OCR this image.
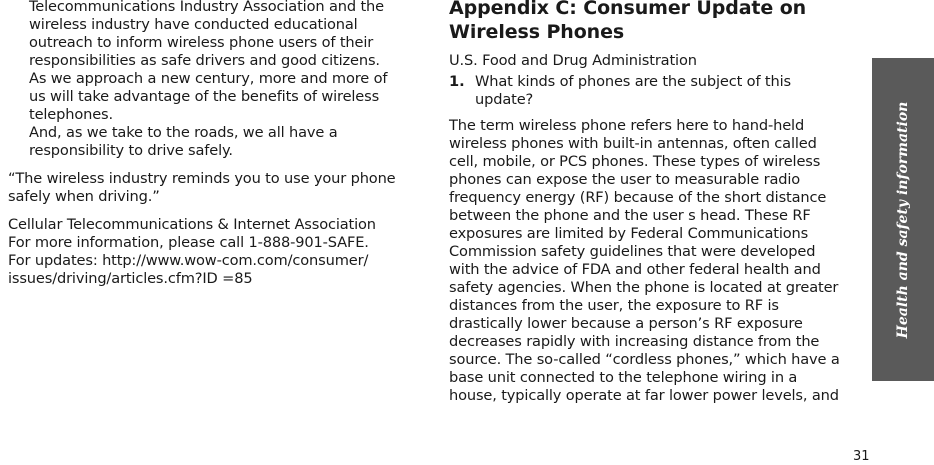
Telecommunications Industry Association and the
wireless industry have conducted educational
outreach to inform wireless phone users of their
responsibilities as safe drivers and good citizens.

As we approach a new century, more and more of
us will take advantage of the benefits of wireless
telephones.

And, as we take to the roads, we all have a
responsibility to drive safely.

“The wireless industry reminds you to use your phone
safely when driving.”

Cellular Telecommunications & Internet Association
For more information, please call 1-888-901-SAFE.
For updates: http://www.wow-com.com/consumer/
issues/driving/articles.cfm?ID =85

Appendix C: Consumer Update on Wireless Phones

U.S. Food and Drug Administration

1. What kinds of phones are the subject of this
update?

The term wireless phone refers here to hand-held
wireless phones with built-in antennas, often called
cell, mobile, or PCS phones. These types of wireless
phones can expose the user to measurable radio
frequency energy (RF) because of the short distance
between the phone and the user s head. These RF
exposures are limited by Federal Communications
Commission safety guidelines that were developed
with the advice of FDA and other federal health and
safety agencies. When the phone is located at greater
distances from the user, the exposure to RF is
drastically lower because a person’s RF exposure
decreases rapidly with increasing distance from the
source. The so-called “cordless phones,” which have a
base unit connected to the telephone wiring in a
house, typically operate at far lower power levels, and

Health and safety information
31
